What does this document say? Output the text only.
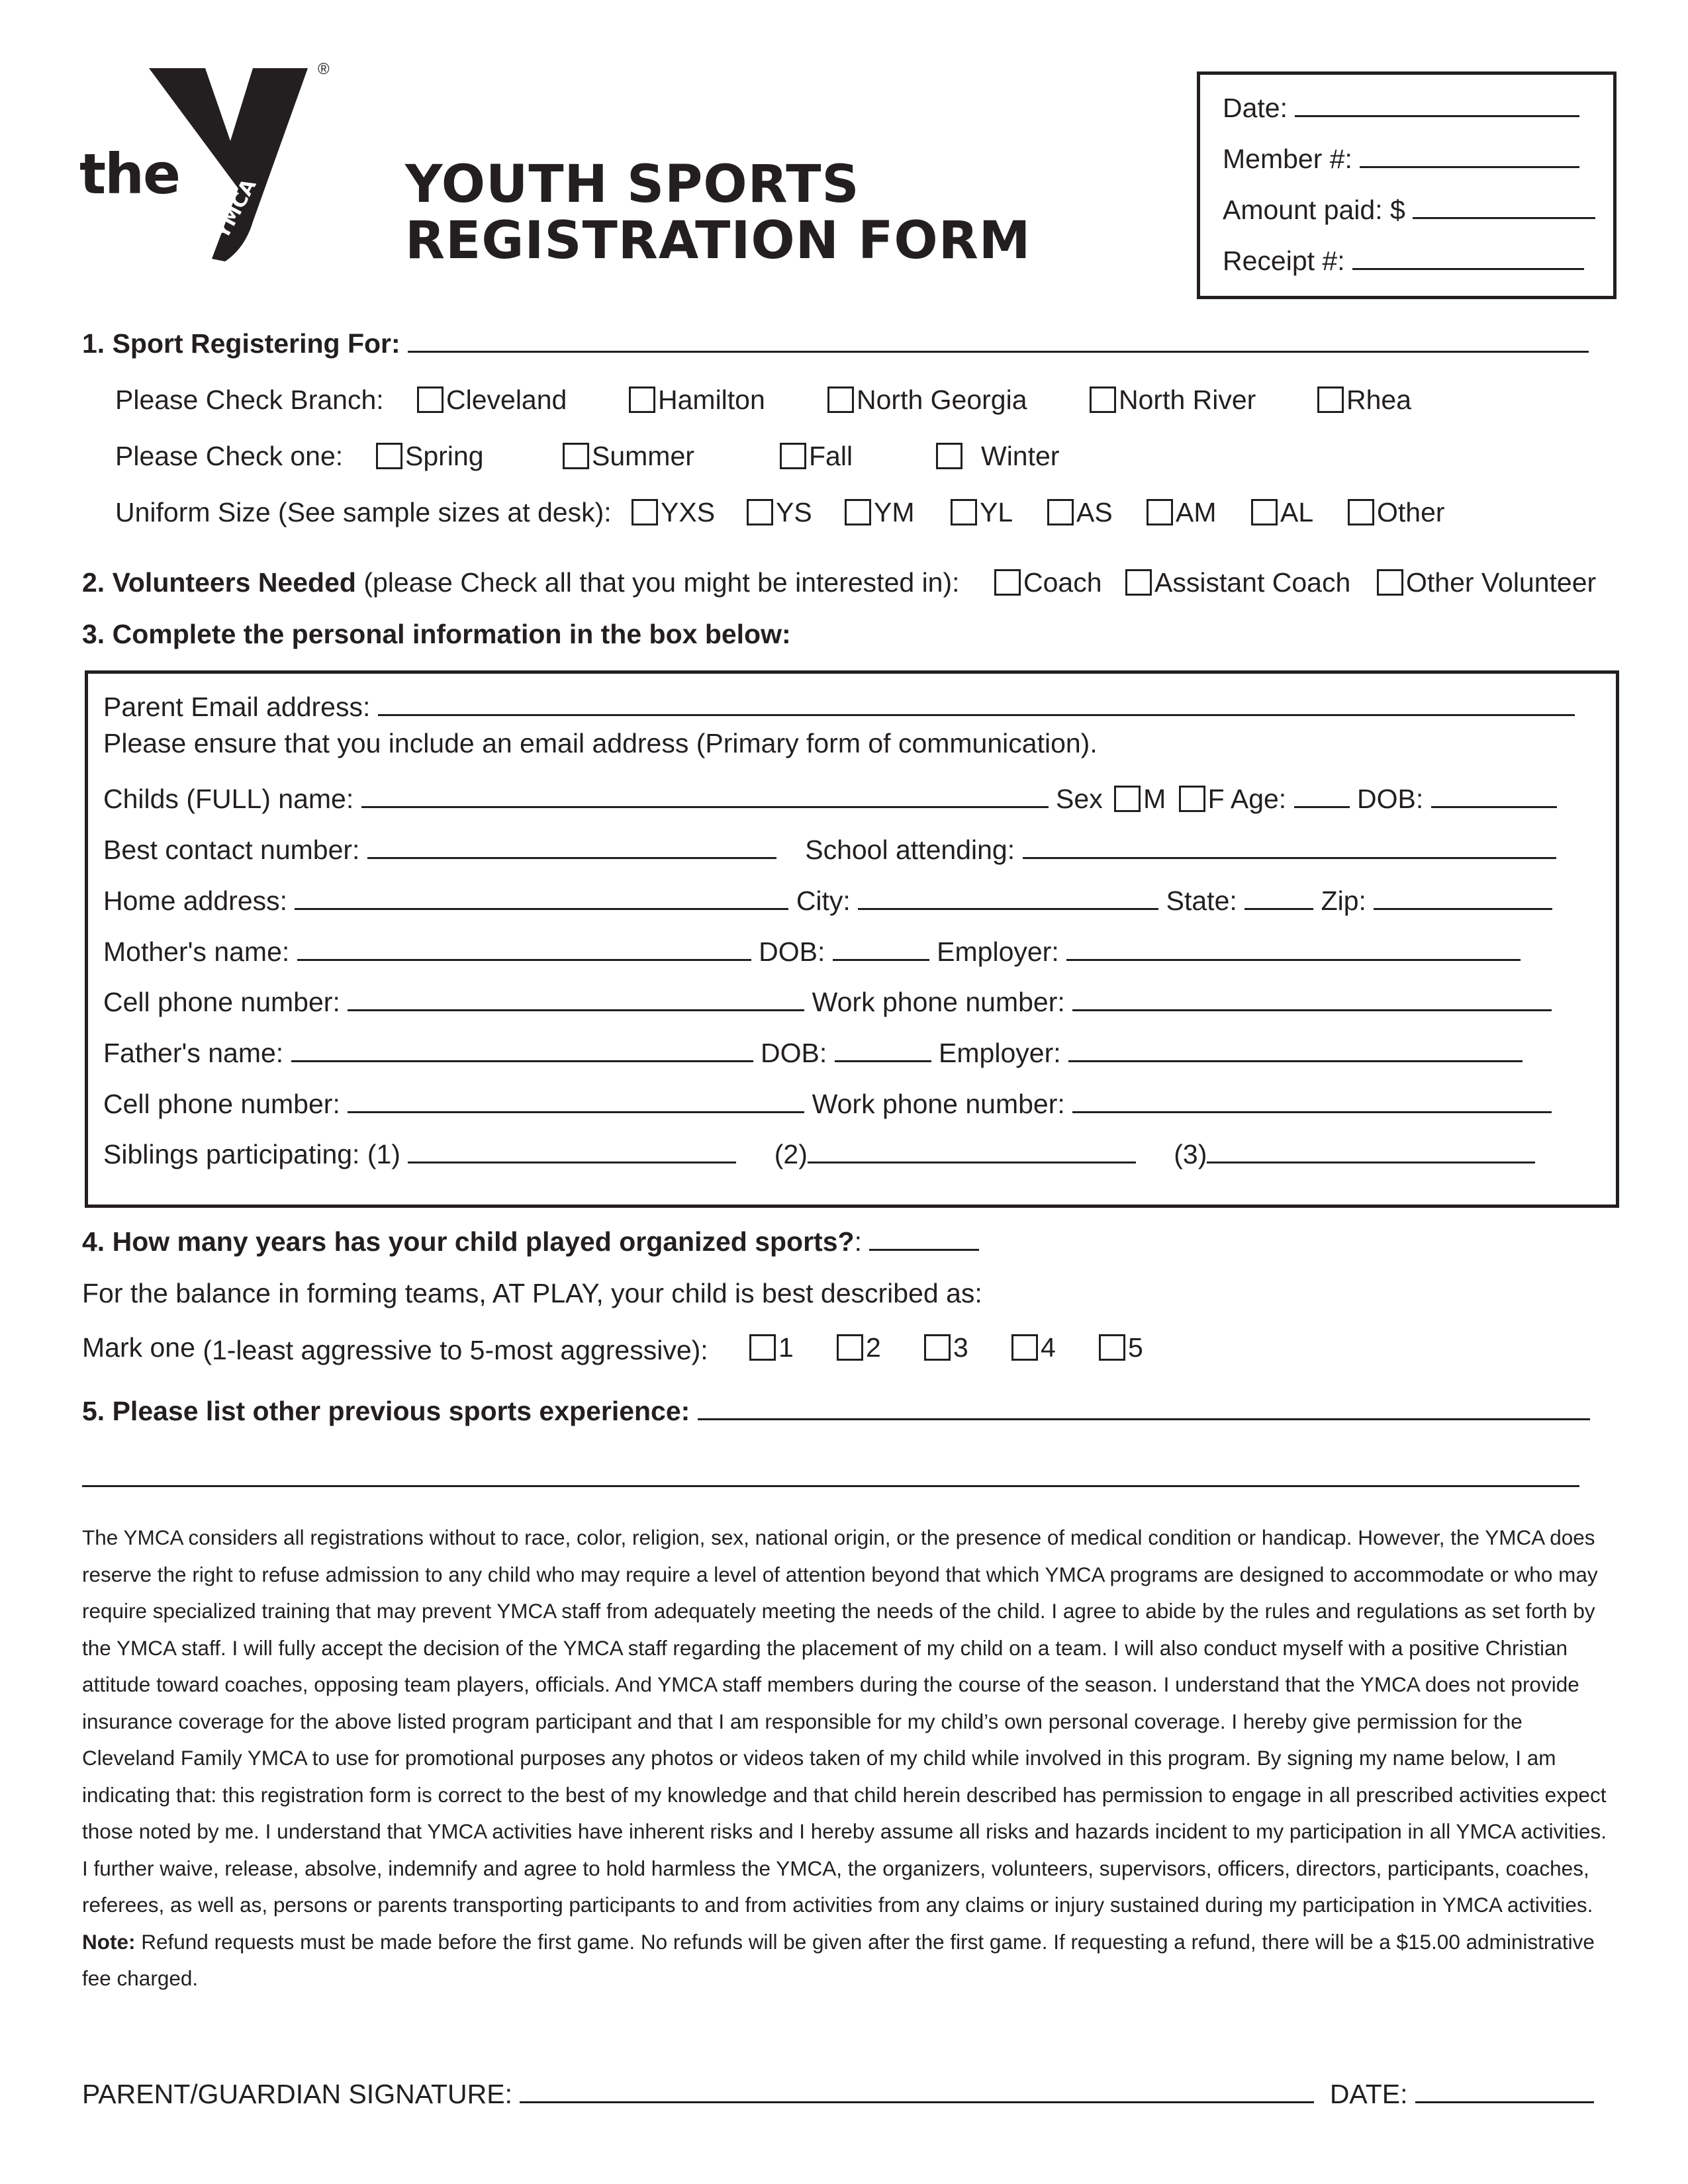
YMCA
the
®
YOUTH SPORTS
REGISTRATION FORM
Date:
Member #:
Amount paid: $
Receipt #:
1. Sport Registering For:
Please Check Branch:	Cleveland	Hamilton	North Georgia	North River	Rhea
Please Check one:	Spring	Summer	Fall	Winter
Uniform Size (See sample sizes at desk):	YXS	YS	YM	YL	AS	AM	AL	Other
2. Volunteers Needed (please Check all that you might be interested in):	Coach	Assistant Coach	Other Volunteer
3. Complete the personal information in the box below:
Parent Email address:
Please ensure that you include an email address (Primary form of communication).
Childs (FULL) name:	Sex M F Age:	DOB:
Best contact number:	School attending:
Home address:	City:	State:	Zip:
Mother's name:	DOB:	Employer:
Cell phone number:	Work phone number:
Father's name:	DOB:	Employer:
Cell phone number:	Work phone number:
Siblings participating: (1)	(2)	(3)
4. How many years has your child played organized sports?:
For the balance in forming teams, AT PLAY, your child is best described as:
Mark one (1-least aggressive to 5-most aggressive):	1	2	3	4	5
5. Please list other previous sports experience:
The YMCA considers all registrations without to race, color, religion, sex, national origin, or the presence of medical condition or handicap. However, the YMCA does reserve the right to refuse admission to any child who may require a level of attention beyond that which YMCA programs are designed to accommodate or who may require specialized training that may prevent YMCA staff from adequately meeting the needs of the child. I agree to abide by the rules and regulations as set forth by the YMCA staff. I will fully accept the decision of the YMCA staff regarding the placement of my child on a team. I will also conduct myself with a positive Christian attitude toward coaches, opposing team players, officials. And YMCA staff members during the course of the season. I understand that the YMCA does not provide insurance coverage for the above listed program participant and that I am responsible for my child’s own personal coverage. I hereby give permission for the Cleveland Family YMCA to use for promotional purposes any photos or videos taken of my child while involved in this program. By signing my name below, I am indicating that: this registration form is correct to the best of my knowledge and that child herein described has permission to engage in all prescribed activities expect those noted by me. I understand that YMCA activities have inherent risks and I hereby assume all risks and hazards incident to my participation in all YMCA activities. I further waive, release, absolve, indemnify and agree to hold harmless the YMCA, the organizers, volunteers, supervisors, officers, directors, participants, coaches, referees, as well as, persons or parents transporting participants to and from activities from any claims or injury sustained during my participation in YMCA activities.
Note: Refund requests must be made before the first game. No refunds will be given after the first game. If requesting a refund, there will be a $15.00 administrative fee charged.
PARENT/GUARDIAN SIGNATURE:	DATE:
